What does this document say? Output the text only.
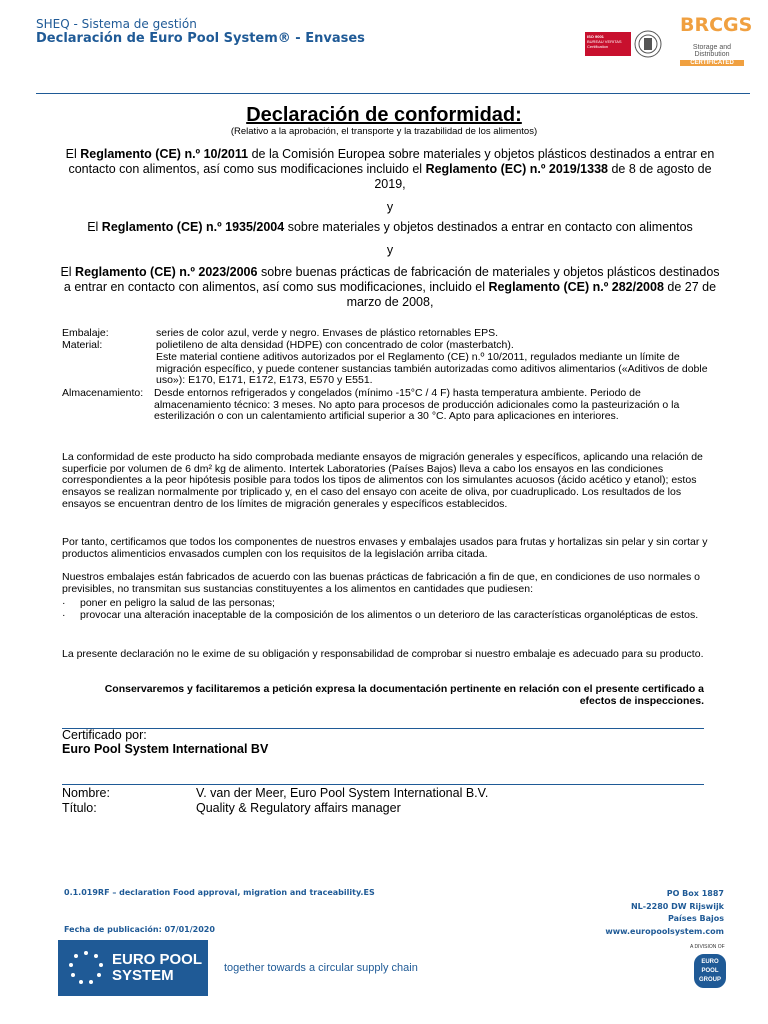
SHEQ - Sistema de gestión
Declaración de Euro Pool System® - Envases	ISO 9001
BUREAU VERITAS Certification
BRCGS
Storage and
Distribution
CERTIFICATED
Declaración de conformidad:
(Relativo a la aprobación, el transporte y la trazabilidad de los alimentos)
El Reglamento (CE) n.º 10/2011 de la Comisión Europea sobre materiales y objetos plásticos destinados a entrar en contacto con alimentos, así como sus modificaciones incluido el Reglamento (EC) n.º 2019/1338 de 8 de agosto de 2019,
y
El Reglamento (CE) n.º 1935/2004 sobre materiales y objetos destinados a entrar en contacto con alimentos
y
El Reglamento (CE) n.º 2023/2006 sobre buenas prácticas de fabricación de materiales y objetos plásticos destinados a entrar en contacto con alimentos, así como sus modificaciones, incluido el Reglamento (CE) n.º 282/2008 de 27 de marzo de 2008,
Embalaje:	series de color azul, verde y negro. Envases de plástico retornables EPS.
Material:	polietileno de alta densidad (HDPE) con concentrado de color (masterbatch).
Este material contiene aditivos autorizados por el Reglamento (CE) n.º 10/2011, regulados mediante un límite de migración específico, y puede contener sustancias también autorizadas como aditivos alimentarios («Aditivos de doble uso»): E170, E171, E172, E173, E570 y E551.
Almacenamiento: Desde entornos refrigerados y congelados (mínimo -15°C / 4 F) hasta temperatura ambiente. Periodo de almacenamiento técnico: 3 meses. No apto para procesos de producción adicionales como la pasteurización o la esterilización o con un calentamiento artificial superior a 30 °C. Apto para aplicaciones en interiores.
La conformidad de este producto ha sido comprobada mediante ensayos de migración generales y específicos, aplicando una relación de superficie por volumen de 6 dm² kg de alimento. Intertek Laboratories (Países Bajos) lleva a cabo los ensayos en las condiciones correspondientes a la peor hipótesis posible para todos los tipos de alimentos con los simulantes acuosos (ácido acético y etanol); estos ensayos se realizan normalmente por triplicado y, en el caso del ensayo con aceite de oliva, por cuadruplicado. Los resultados de los ensayos se encuentran dentro de los límites de migración generales y específicos establecidos.
Por tanto, certificamos que todos los componentes de nuestros envases y embalajes usados para frutas y hortalizas sin pelar y sin cortar y productos alimenticios envasados cumplen con los requisitos de la legislación arriba citada.
Nuestros embalajes están fabricados de acuerdo con las buenas prácticas de fabricación a fin de que, en condiciones de uso normales o previsibles, no transmitan sus sustancias constituyentes a los alimentos en cantidades que pudiesen:
· poner en peligro la salud de las personas;
· provocar una alteración inaceptable de la composición de los alimentos o un deterioro de las características organolépticas de estos.
La presente declaración no le exime de su obligación y responsabilidad de comprobar si nuestro embalaje es adecuado para su producto.
Conservaremos y facilitaremos a petición expresa la documentación pertinente en relación con el presente certificado a efectos de inspecciones.
Certificado por:
Euro Pool System International BV
Nombre:	V. van der Meer, Euro Pool System International B.V.
Título:	Quality & Regulatory affairs manager
0.1.019RF – declaration Food approval, migration and traceability.ES
Fecha de publicación: 07/01/2020
PO Box 1887
NL-2280 DW Rijswijk
Países Bajos
www.europoolsystem.com
EURO POOL
SYSTEM	together towards a circular supply chain
A DIVISION OF
EURO
POOL
GROUP
